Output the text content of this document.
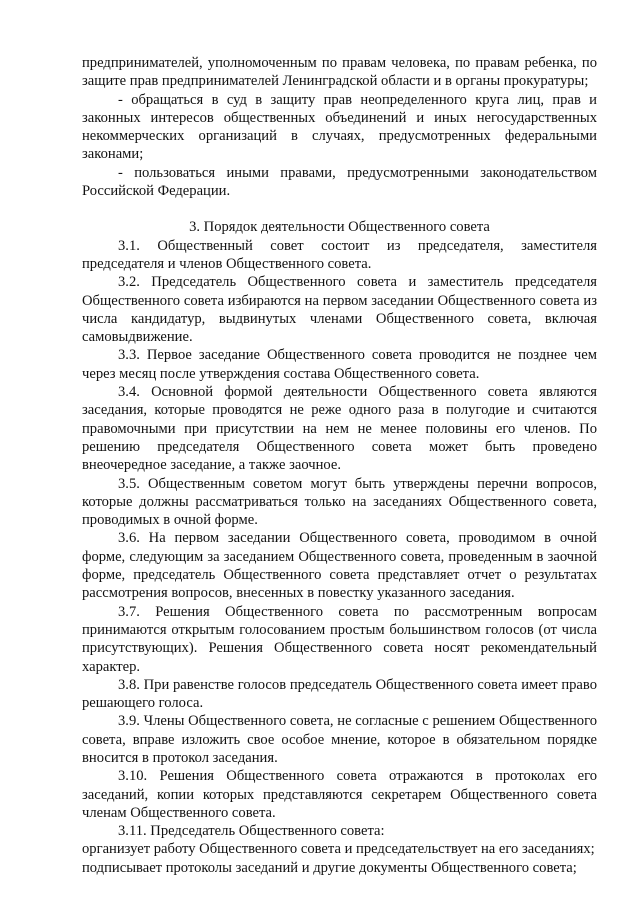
предпринимателей, уполномоченным по правам человека, по правам ребенка, по защите прав предпринимателей Ленинградской области и в органы прокуратуры;

- обращаться в суд в защиту прав неопределенного круга лиц, прав и законных интересов общественных объединений и иных негосударственных некоммерческих организаций в случаях, предусмотренных федеральными законами;

- пользоваться иными правами, предусмотренными законодательством Российской Федерации.

3. Порядок деятельности Общественного совета

3.1. Общественный совет состоит из председателя, заместителя председателя и членов Общественного совета.

3.2. Председатель Общественного совета и заместитель председателя Общественного совета избираются на первом заседании Общественного совета из числа кандидатур, выдвинутых членами Общественного совета, включая самовыдвижение.

3.3. Первое заседание Общественного совета проводится не позднее чем через месяц после утверждения состава Общественного совета.

3.4. Основной формой деятельности Общественного совета являются заседания, которые проводятся не реже одного раза в полугодие и считаются правомочными при присутствии на нем не менее половины его членов. По решению председателя Общественного совета может быть проведено внеочередное заседание, а также заочное.

3.5. Общественным советом могут быть утверждены перечни вопросов, которые должны рассматриваться только на заседаниях Общественного совета, проводимых в очной форме.

3.6. На первом заседании Общественного совета, проводимом в очной форме, следующим за заседанием Общественного совета, проведенным в заочной форме, председатель Общественного совета представляет отчет о результатах рассмотрения вопросов, внесенных в повестку указанного заседания.

3.7. Решения Общественного совета по рассмотренным вопросам принимаются открытым голосованием простым большинством голосов (от числа присутствующих). Решения Общественного совета носят рекомендательный характер.

3.8. При равенстве голосов председатель Общественного совета имеет право решающего голоса.

3.9. Члены Общественного совета, не согласные с решением Общественного совета, вправе изложить свое особое мнение, которое в обязательном порядке вносится в протокол заседания.

3.10. Решения Общественного совета отражаются в протоколах его заседаний, копии которых представляются секретарем Общественного совета членам Общественного совета.

3.11. Председатель Общественного совета:

организует работу Общественного совета и председательствует на его заседаниях;

подписывает протоколы заседаний и другие документы Общественного совета;
